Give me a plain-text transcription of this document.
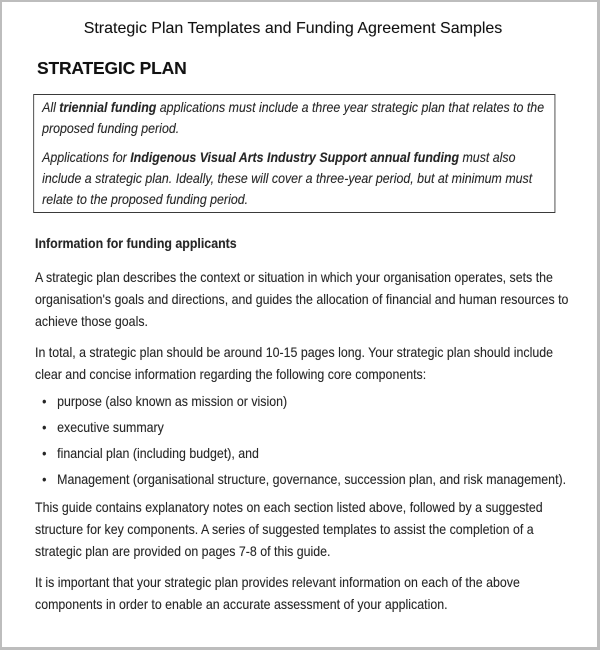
Strategic Plan Templates and Funding Agreement Samples
STRATEGIC PLAN

All triennial funding applications must include a three year strategic plan that relates to the proposed funding period.

Applications for Indigenous Visual Arts Industry Support annual funding must also include a strategic plan. Ideally, these will cover a three-year period, but at minimum must relate to the proposed funding period.

Information for funding applicants

A strategic plan describes the context or situation in which your organisation operates, sets the organisation's goals and directions, and guides the allocation of financial and human resources to achieve those goals.

In total, a strategic plan should be around 10-15 pages long. Your strategic plan should include clear and concise information regarding the following core components:

• purpose (also known as mission or vision)
• executive summary
• financial plan (including budget), and
• Management (organisational structure, governance, succession plan, and risk management).

This guide contains explanatory notes on each section listed above, followed by a suggested structure for key components. A series of suggested templates to assist the completion of a strategic plan are provided on pages 7-8 of this guide.

It is important that your strategic plan provides relevant information on each of the above components in order to enable an accurate assessment of your application.
